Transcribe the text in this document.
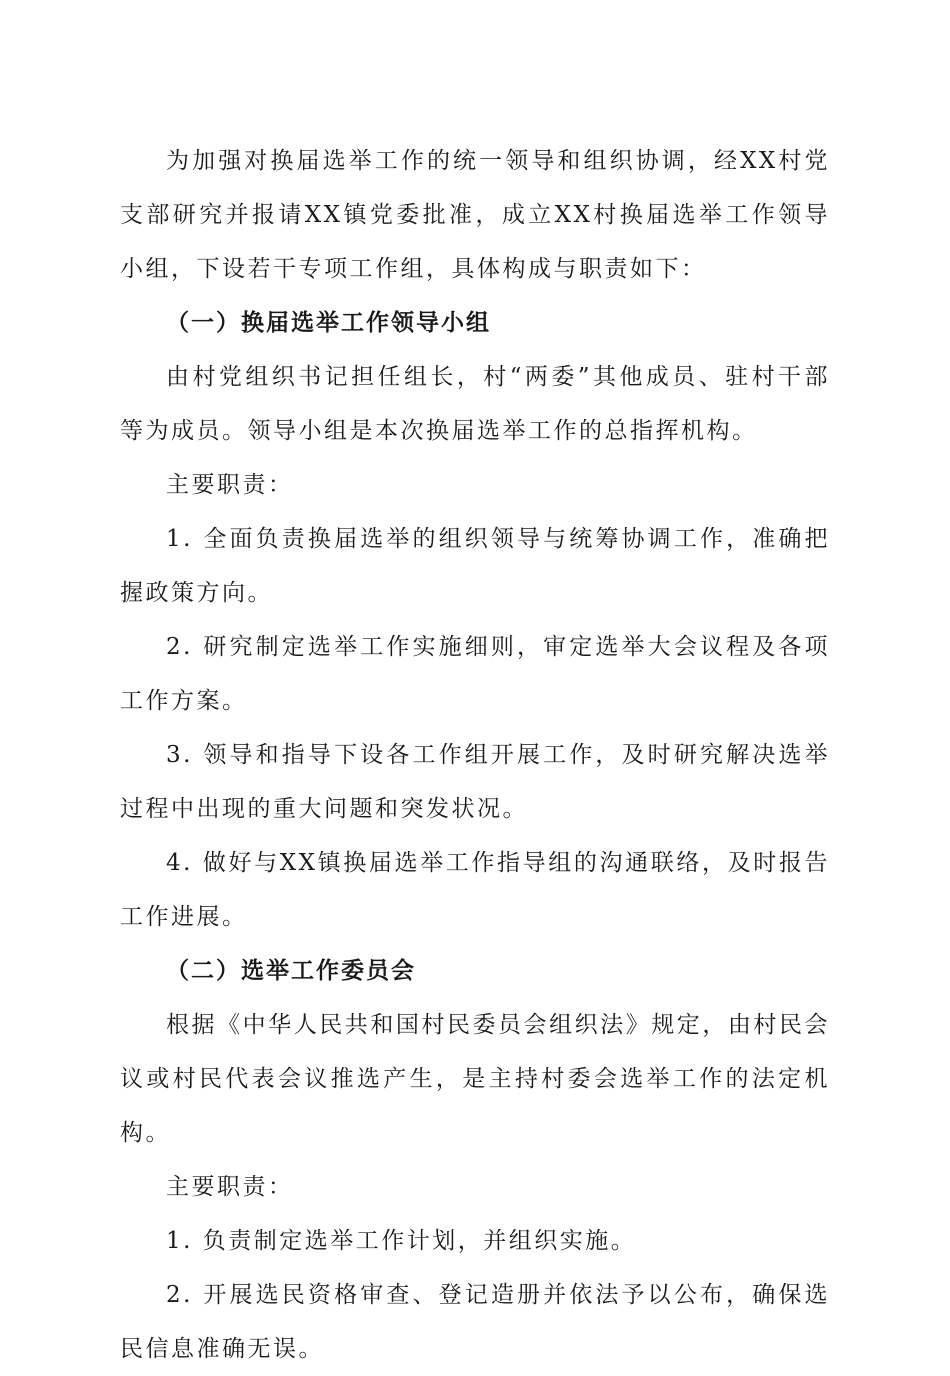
为加强对换届选举工作的统一领导和组织协调，经XX村党支部研究并报请XX镇党委批准，成立XX村换届选举工作领导小组，下设若干专项工作组，具体构成与职责如下：

（一）换届选举工作领导小组

由村党组织书记担任组长，村“两委”其他成员、驻村干部等为成员。领导小组是本次换届选举工作的总指挥机构。

主要职责：

1. 全面负责换届选举的组织领导与统筹协调工作，准确把握政策方向。

2. 研究制定选举工作实施细则，审定选举大会议程及各项工作方案。

3. 领导和指导下设各工作组开展工作，及时研究解决选举过程中出现的重大问题和突发状况。

4. 做好与XX镇换届选举工作指导组的沟通联络，及时报告工作进展。

（二）选举工作委员会

根据《中华人民共和国村民委员会组织法》规定，由村民会议或村民代表会议推选产生，是主持村委会选举工作的法定机构。

主要职责：

1. 负责制定选举工作计划，并组织实施。

2. 开展选民资格审查、登记造册并依法予以公布，确保选民信息准确无误。
